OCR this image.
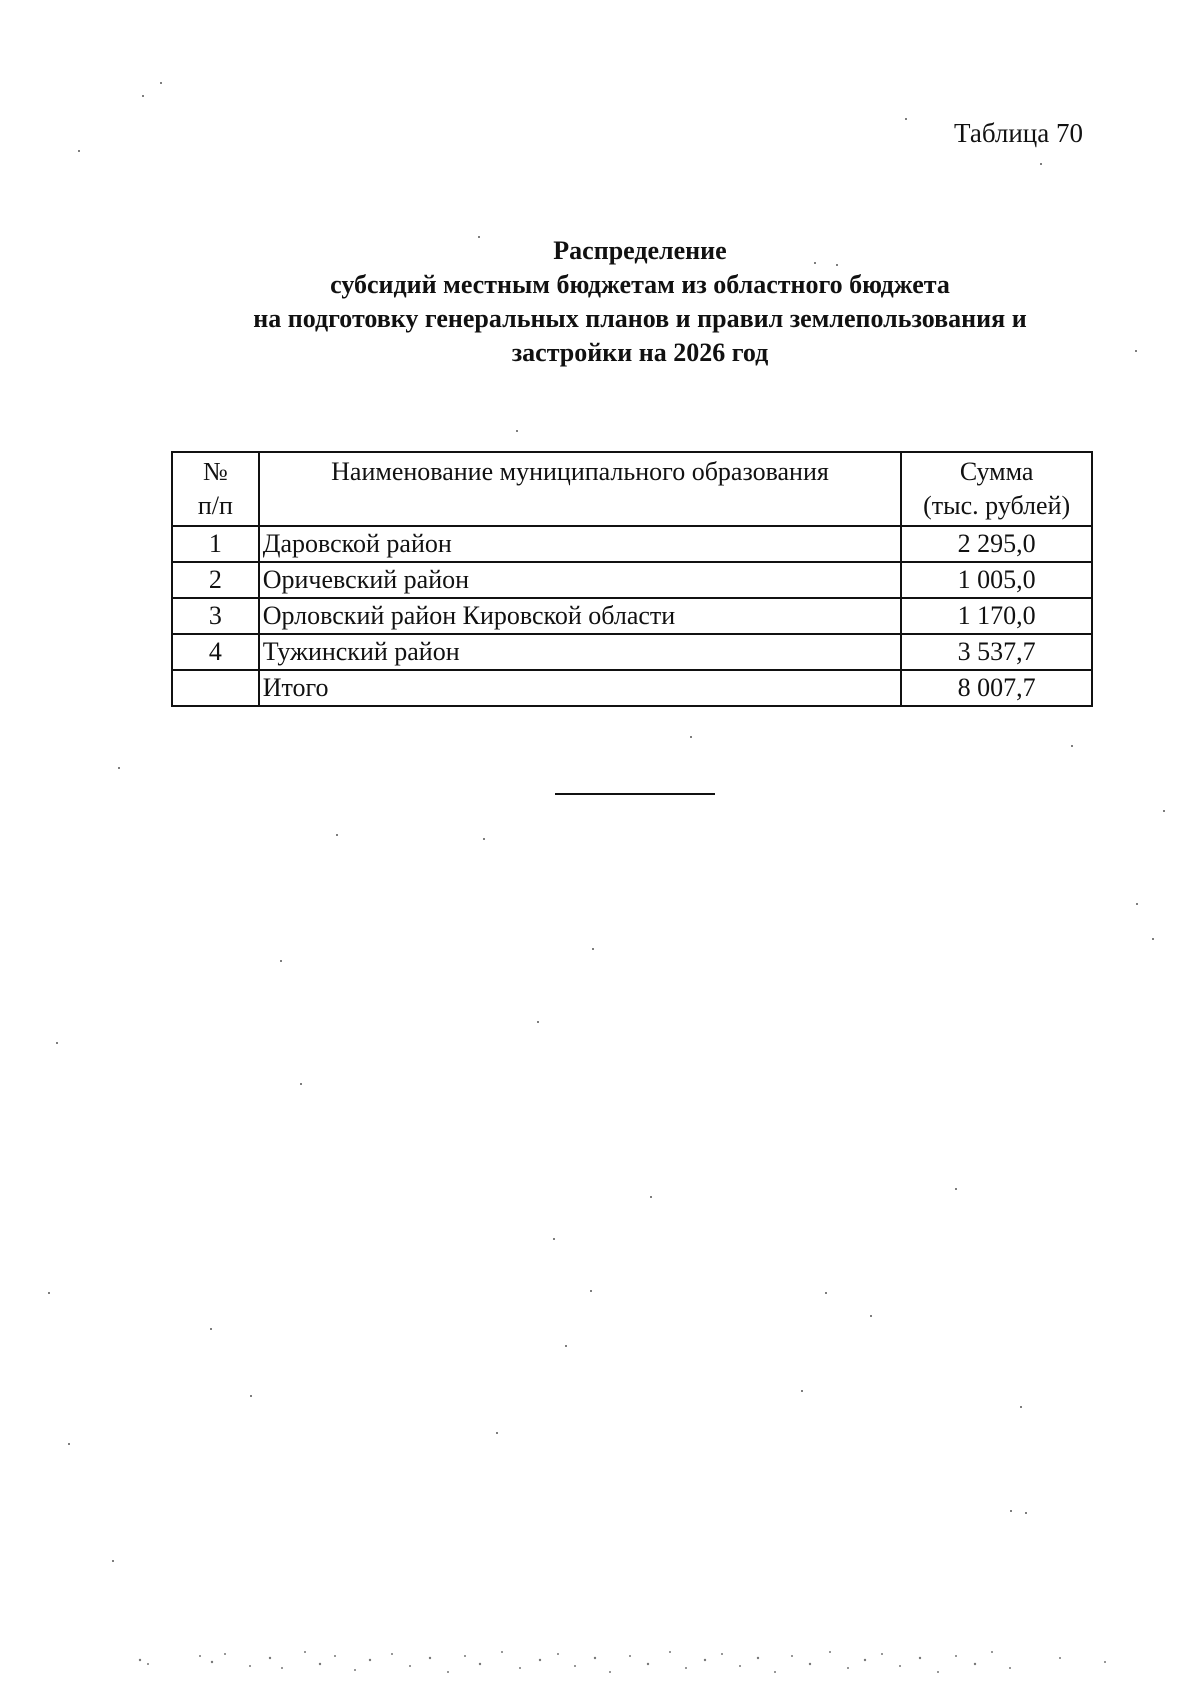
Таблица 70
Распределение
субсидий местным бюджетам из областного бюджета
на подготовку генеральных планов и правил землепользования и
застройки на 2026 год
№
п/п	Наименование муниципального образования	Сумма
(тыс. рублей)

1	Даровской район	2 295,0
2	Оричевский район	1 005,0
3	Орловский район Кировской области	1 170,0
4	Тужинский район	3 537,7
	Итого	8 007,7
